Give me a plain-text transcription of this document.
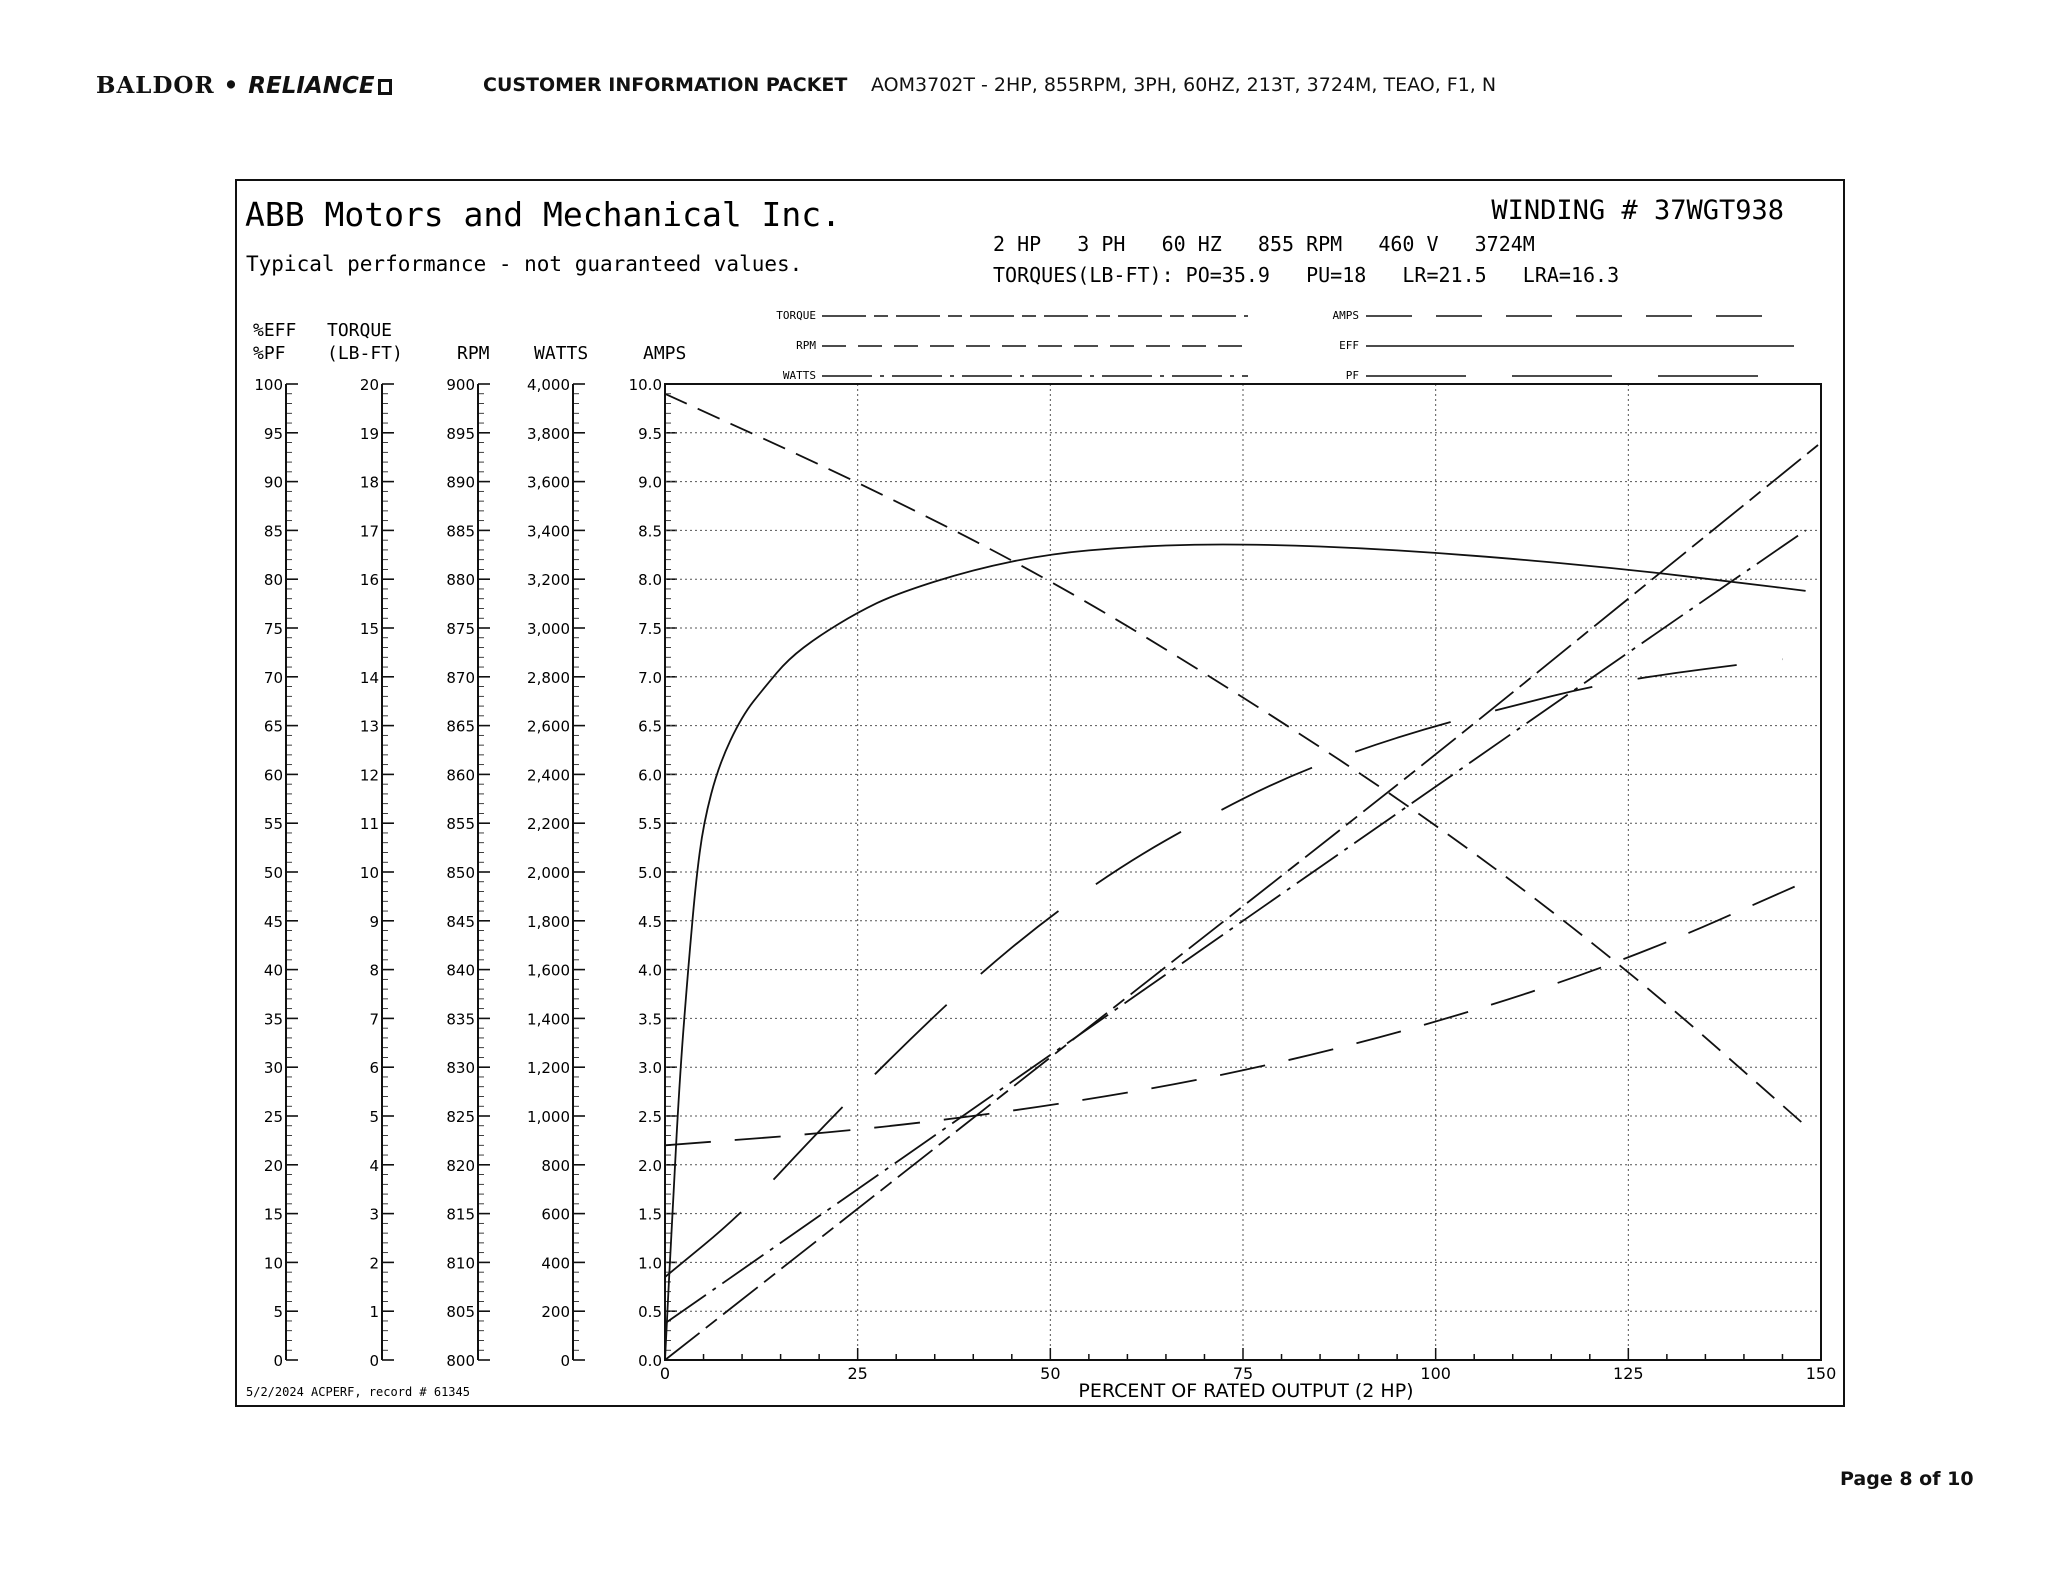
BALDOR • RELIANCE	CUSTOMER INFORMATION PACKET AOM3702T - 2HP, 855RPM, 3PH, 60HZ, 213T, 3724M, TEAO, F1, N
ABB Motors and Mechanical Inc.
Typical performance - not guaranteed values.
WINDING # 37WGT938
2 HP   3 PH   60 HZ   855 RPM   460 V   3724M
TORQUES(LB-FT): PO=35.9   PU=18   LR=21.5   LRA=16.3
5/2/2024 ACPERF, record # 61345	PERCENT OF RATED OUTPUT (2 HP)
TORQUE
RPM
WATTS
AMPS
EFF
PF
0
5
10
15
20
25
30
35
40
45
50
55
60
65
70
75
80
85
90
95
100
%EFF
%PF
0
1
2
3
4
5
6
7
8
9
10
11
12
13
14
15
16
17
18
19
20
TORQUE
(LB-FT)
800
805
810
815
820
825
830
835
840
845
850
855
860
865
870
875
880
885
890
895
900
RPM
0
200
400
600
800
1,000
1,200
1,400
1,600
1,800
2,000
2,200
2,400
2,600
2,800
3,000
3,200
3,400
3,600
3,800
4,000
WATTS
0.0
0.5
1.0
1.5
2.0
2.5
3.0
3.5
4.0
4.5
5.0
5.5
6.0
6.5
7.0
7.5
8.0
8.5
9.0
9.5
10.0
AMPS
0	25	50	75	100	125	150
Page 8 of 10
